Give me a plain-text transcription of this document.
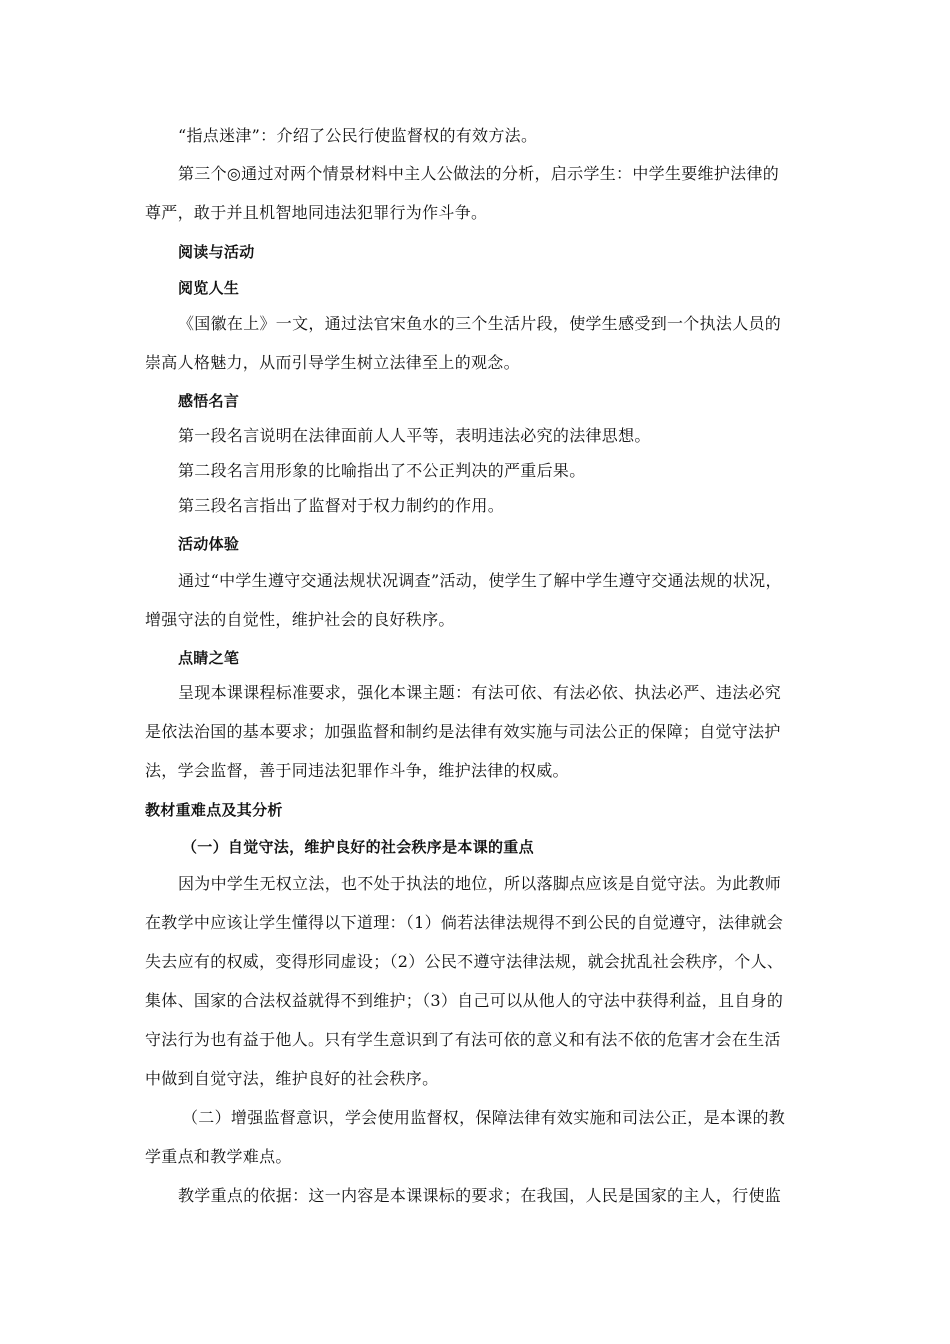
“指点迷津”：介绍了公民行使监督权的有效方法。
第三个◎通过对两个情景材料中主人公做法的分析，启示学生：中学生要维护法律的
尊严，敢于并且机智地同违法犯罪行为作斗争。
阅读与活动
阅览人生
《国徽在上》一文，通过法官宋鱼水的三个生活片段，使学生感受到一个执法人员的
崇高人格魅力，从而引导学生树立法律至上的观念。
感悟名言
第一段名言说明在法律面前人人平等，表明违法必究的法律思想。
第二段名言用形象的比喻指出了不公正判决的严重后果。
第三段名言指出了监督对于权力制约的作用。
活动体验
通过“中学生遵守交通法规状况调查”活动，使学生了解中学生遵守交通法规的状况，
增强守法的自觉性，维护社会的良好秩序。
点睛之笔
呈现本课课程标准要求，强化本课主题：有法可依、有法必依、执法必严、违法必究
是依法治国的基本要求；加强监督和制约是法律有效实施与司法公正的保障；自觉守法护
法，学会监督，善于同违法犯罪作斗争，维护法律的权威。
教材重难点及其分析
（一）自觉守法，维护良好的社会秩序是本课的重点
因为中学生无权立法，也不处于执法的地位，所以落脚点应该是自觉守法。为此教师
在教学中应该让学生懂得以下道理：（1）倘若法律法规得不到公民的自觉遵守，法律就会
失去应有的权威，变得形同虚设；（2）公民不遵守法律法规，就会扰乱社会秩序，个人、
集体、国家的合法权益就得不到维护；（3）自己可以从他人的守法中获得利益，且自身的
守法行为也有益于他人。只有学生意识到了有法可依的意义和有法不依的危害才会在生活
中做到自觉守法，维护良好的社会秩序。
（二）增强监督意识，学会使用监督权，保障法律有效实施和司法公正，是本课的教
学重点和教学难点。
教学重点的依据：这一内容是本课课标的要求；在我国，人民是国家的主人，行使监
